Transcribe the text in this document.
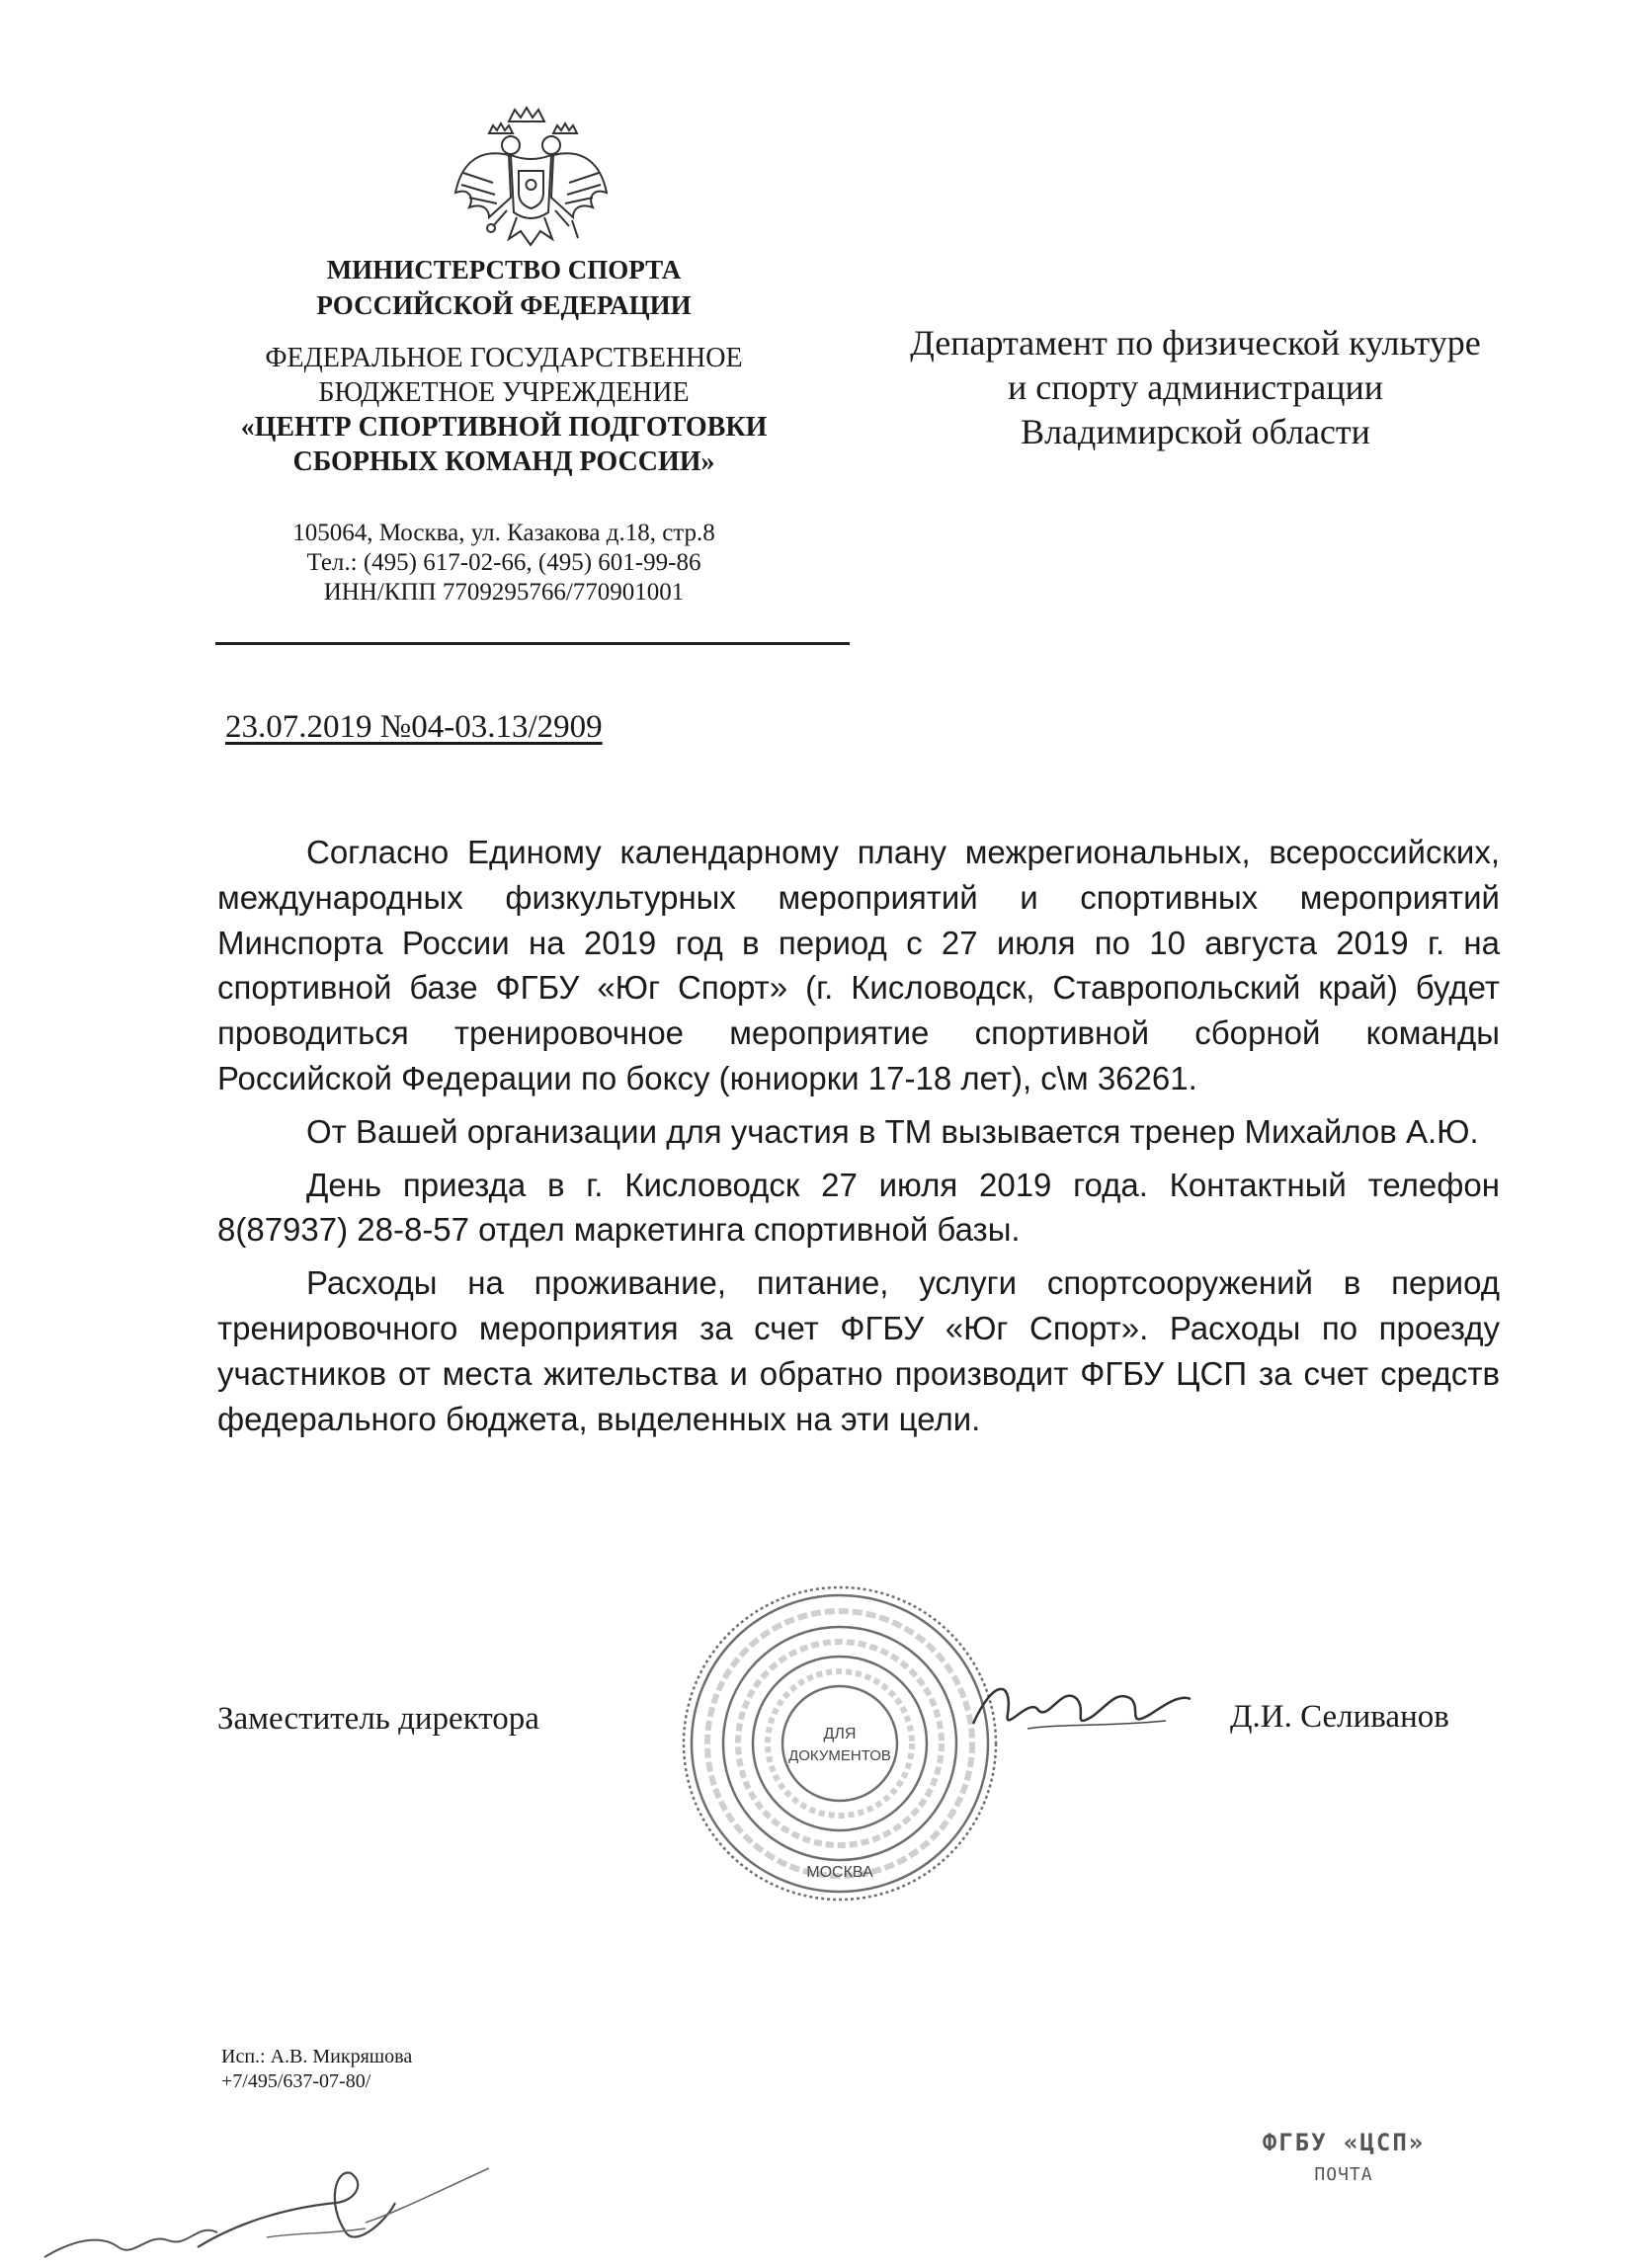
МИНИСТЕРСТВО СПОРТА
РОССИЙСКОЙ ФЕДЕРАЦИИ
ФЕДЕРАЛЬНОЕ ГОСУДАРСТВЕННОЕ
БЮДЖЕТНОЕ УЧРЕЖДЕНИЕ
«ЦЕНТР СПОРТИВНОЙ ПОДГОТОВКИ
СБОРНЫХ КОМАНД РОССИИ»
105064, Москва, ул. Казакова д.18, стр.8
Тел.: (495) 617-02-66, (495) 601-99-86
ИНН/КПП 7709295766/770901001
Департамент по физической культуре
и спорту администрации
Владимирской области
23.07.2019 №04-03.13/2909

Согласно Единому календарному плану межрегиональных, всероссийских, международных физкультурных мероприятий и спортивных мероприятий Минспорта России на 2019 год в период с 27 июля по 10 августа 2019 г. на спортивной базе ФГБУ «Юг Спорт» (г. Кисловодск, Ставропольский край) будет проводиться тренировочное мероприятие спортивной сборной команды Российской Федерации по боксу (юниорки 17-18 лет), с\м 36261.

От Вашей организации для участия в ТМ вызывается тренер Михайлов А.Ю.

День приезда в г. Кисловодск 27 июля 2019 года. Контактный телефон 8(87937) 28-8-57 отдел маркетинга спортивной базы.

Расходы на проживание, питание, услуги спортсооружений в период тренировочного мероприятия за счет ФГБУ «Юг Спорт». Расходы по проезду участников от места жительства и обратно производит ФГБУ ЦСП за счет средств федерального бюджета, выделенных на эти цели.

ДЛЯ
ДОКУМЕНТОВ
МОСКВА
Заместитель директора	Д.И. Селиванов
Исп.: А.В. Микряшова
+7/495/637-07-80/
ФГБУ «ЦСП»
ПОЧТА
